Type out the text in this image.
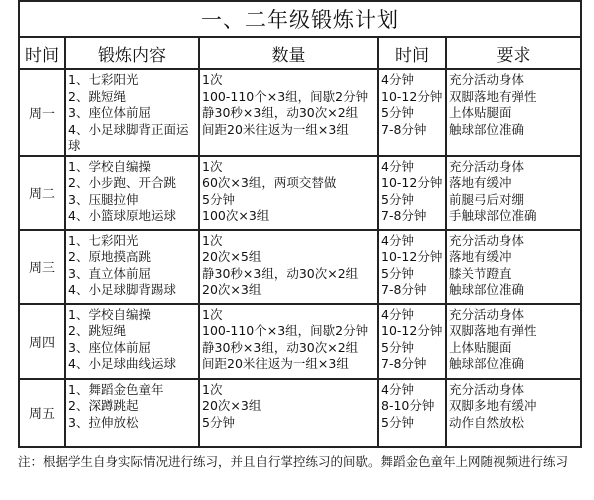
一、二年级锻炼计划				
时间	锻炼内容	数量	时间	要求
周一	1、七彩阳光
2、跳短绳
3、座位体前屈
4、小足球脚背正面运球	1次
100-110个×3组，间歇2分钟
静30秒×3组，动30次×2组
间距20米往返为一组×3组	4分钟
10-12分钟
5分钟
7-8分钟	充分活动身体
双脚落地有弹性
上体贴腿面
触球部位准确

周二	1、学校自编操
2、小步跑、开合跳
3、压腿拉伸
4、小篮球原地运球	1次
60次×3组，两项交替做
5分钟
100次×3组	4分钟
10-12分钟
5分钟
7-8分钟	充分活动身体
落地有缓冲
前腿弓后对绷
手触球部位准确

周三	1、七彩阳光
2、原地摸高跳
3、直立体前屈
4、小足球脚背踢球	1次
20次×5组
静30秒×3组，动30次×2组
20次×3组	4分钟
10-12分钟
5分钟
7-8分钟	充分活动身体
落地有缓冲
膝关节蹬直
触球部位准确

周四	1、学校自编操
2、跳短绳
3、座位体前屈
4、小足球曲线运球	1次
100-110个×3组，间歇2分钟
静30秒×3组，动30次×2组
间距20米往返为一组×3组	4分钟
10-12分钟
5分钟
7-8分钟	充分活动身体
双脚落地有弹性
上体贴腿面
触球部位准确

周五	1、舞蹈金色童年
2、深蹲跳起
3、拉伸放松	1次
20次×3组
5分钟	4分钟
8-10分钟
5分钟	充分活动身体
双脚多地有缓冲
动作自然放松
注：根据学生自身实际情况进行练习，并且自行掌控练习的间歇。舞蹈金色童年上网随视频进行练习
